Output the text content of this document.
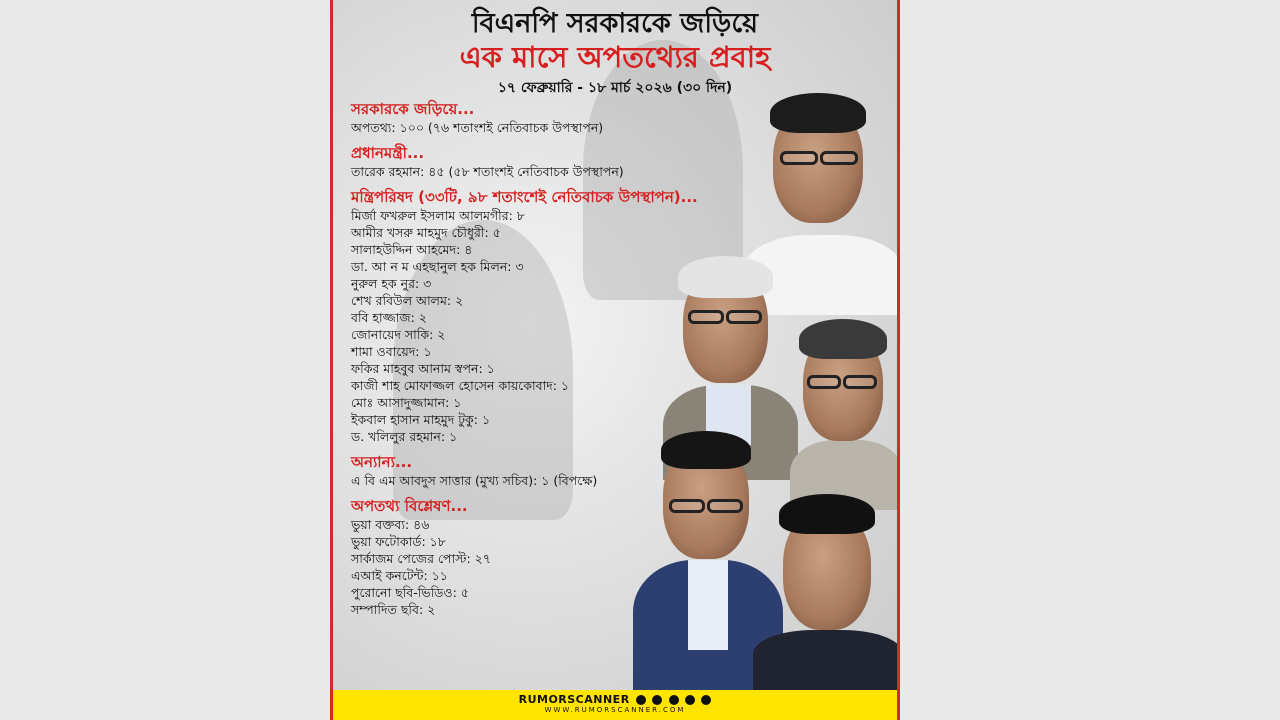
বিএনপি সরকারকে জড়িয়ে
এক মাসে অপতথ্যের প্রবাহ
১৭ ফেব্রুয়ারি - ১৮ মার্চ ২০২৬ (৩০ দিন)
সরকারকে জড়িয়ে...
অপতথ্য: ১০০ (৭৬ শতাংশই নেতিবাচক উপস্থাপন)
প্রধানমন্ত্রী...
তারেক রহমান: ৪৫ (৫৮ শতাংশই নেতিবাচক উপস্থাপন)
মন্ত্রিপরিষদ (৩৩টি, ৯৮ শতাংশেই নেতিবাচক উপস্থাপন)...
মির্জা ফখরুল ইসলাম আলমগীর: ৮
আমীর খসরু মাহমুদ চৌধুরী: ৫
সালাহউদ্দিন আহমেদ: ৪
ডা. আ ন ম এহছানুল হক মিলন: ৩
নুরুল হক নুর: ৩
শেখ রবিউল আলম: ২
ববি হাজ্জাজ: ২
জোনায়েদ সাকি: ২
শামা ওবায়েদ: ১
ফকির মাহবুব আনাম স্বপন: ১
কাজী শাহ মোফাজ্জল হোসেন কায়কোবাদ: ১
মোঃ আসাদুজ্জামান: ১
ইকবাল হাসান মাহমুদ টুকু: ১
ড. খলিলুর রহমান: ১
অন্যান্য...
এ বি এম আবদুস সাত্তার (মুখ্য সচিব): ১ (বিপক্ষে)
অপতথ্য বিশ্লেষণ...
ভুয়া বক্তব্য: ৪৬
ভুয়া ফটোকার্ড: ১৮
সার্কাজম পেজের পোস্ট: ২৭
এআই কনটেন্ট: ১১
পুরোনো ছবি-ভিডিও: ৫
সম্পাদিত ছবি: ২
RUMORSCANNER
WWW.RUMORSCANNER.COM
